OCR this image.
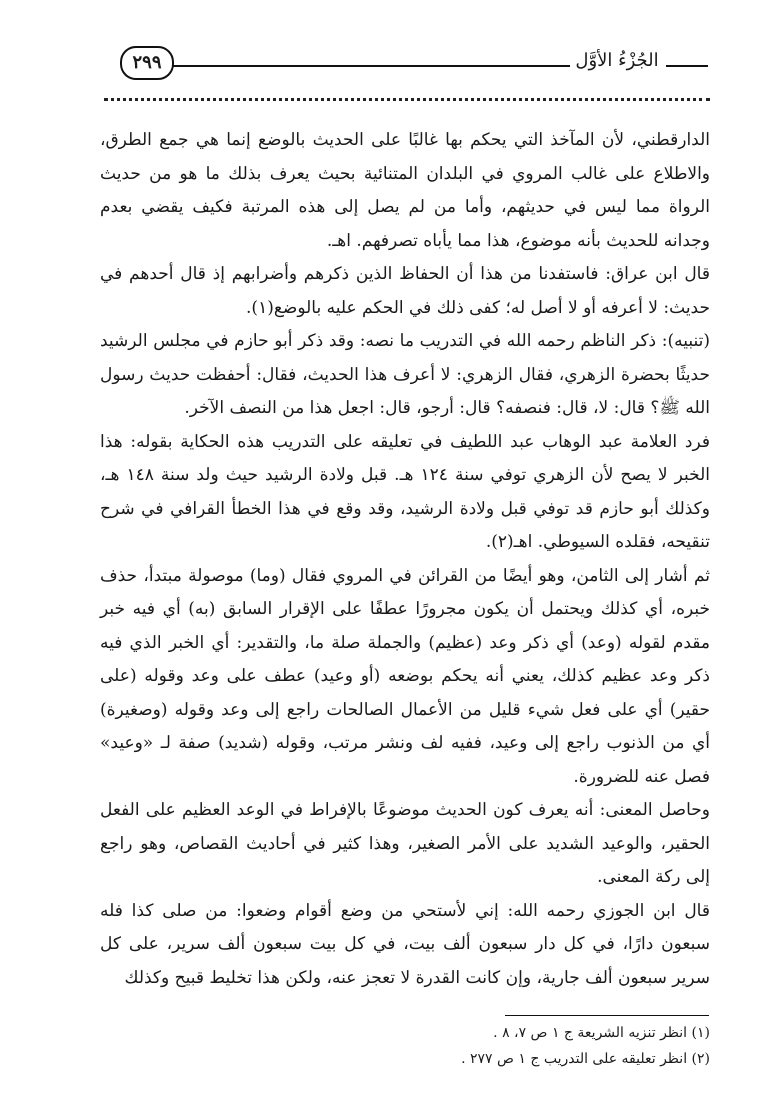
٢٩٩	الجُزْءُ الأوَّل

الدارقطني، لأن المآخذ التي يحكم بها غالبًا على الحديث بالوضع إنما هي جمع الطرق، والاطلاع على غالب المروي في البلدان المتنائية بحيث يعرف بذلك ما هو من حديث الرواة مما ليس في حديثهم، وأما من لم يصل إلى هذه المرتبة فكيف يقضي بعدم وجدانه للحديث بأنه موضوع، هذا مما يأباه تصرفهم. اهـ.

قال ابن عراق: فاستفدنا من هذا أن الحفاظ الذين ذكرهم وأضرابهم إذ قال أحدهم في حديث: لا أعرفه أو لا أصل له؛ كفى ذلك في الحكم عليه بالوضع(١).

(تنبيه): ذكر الناظم رحمه الله في التدريب ما نصه: وقد ذكر أبو حازم في مجلس الرشيد حديثًا بحضرة الزهري، فقال الزهري: لا أعرف هذا الحديث، فقال: أحفظت حديث رسول الله ﷺ؟ قال: لا، قال: فنصفه؟ قال: أرجو، قال: اجعل هذا من النصف الآخر.

فرد العلامة عبد الوهاب عبد اللطيف في تعليقه على التدريب هذه الحكاية بقوله: هذا الخبر لا يصح لأن الزهري توفي سنة ١٢٤ هـ. قبل ولادة الرشيد حيث ولد سنة ١٤٨ هـ، وكذلك أبو حازم قد توفي قبل ولادة الرشيد، وقد وقع في هذا الخطأ القرافي في شرح تنقيحه، فقلده السيوطي. اهـ(٢).

ثم أشار إلى الثامن، وهو أيضًا من القرائن في المروي فقال (وما) موصولة مبتدأ، حذف خبره، أي كذلك ويحتمل أن يكون مجرورًا عطفًا على الإقرار السابق (به) أي فيه خبر مقدم لقوله (وعد) أي ذكر وعد (عظيم) والجملة صلة ما، والتقدير: أي الخبر الذي فيه ذكر وعد عظيم كذلك، يعني أنه يحكم بوضعه (أو وعيد) عطف على وعد وقوله (على حقير) أي على فعل شيء قليل من الأعمال الصالحات راجع إلى وعد وقوله (وصغيرة) أي من الذنوب راجع إلى وعيد، ففيه لف ونشر مرتب، وقوله (شديد) صفة لـ «وعيد» فصل عنه للضرورة.

وحاصل المعنى: أنه يعرف كون الحديث موضوعًا بالإفراط في الوعد العظيم على الفعل الحقير، والوعيد الشديد على الأمر الصغير، وهذا كثير في أحاديث القصاص، وهو راجع إلى ركة المعنى.

قال ابن الجوزي رحمه الله: إني لأستحي من وضع أقوام وضعوا: من صلى كذا فله سبعون دارًا، في كل دار سبعون ألف بيت، في كل بيت سبعون ألف سرير، على كل سرير سبعون ألف جارية، وإن كانت القدرة لا تعجز عنه، ولكن هذا تخليط قبيح وكذلك

(١) انظر تنزيه الشريعة ج ١ ص ٧، ٨ .

(٢) انظر تعليقه على التدريب ج ١ ص ٢٧٧ .
